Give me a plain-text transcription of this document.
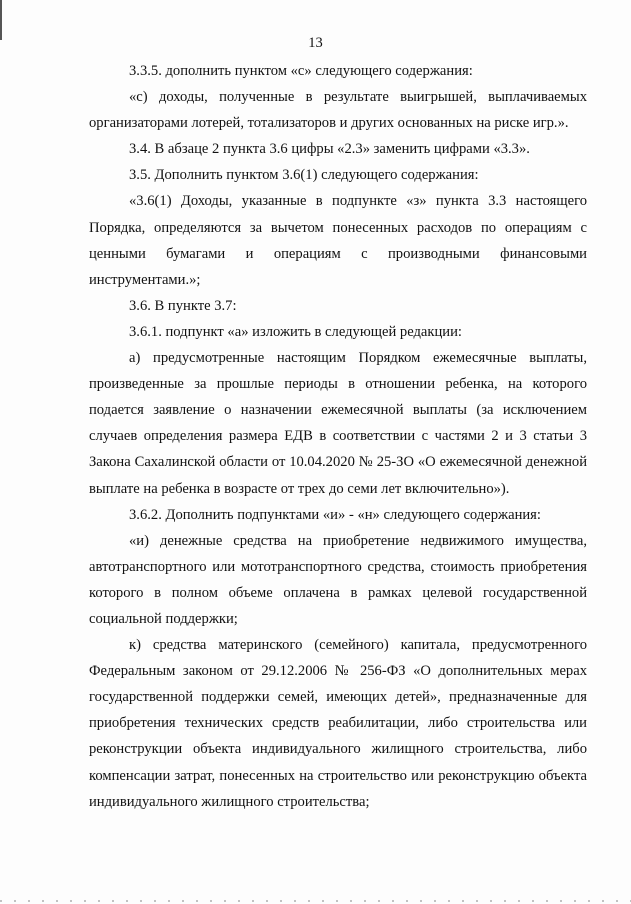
13

3.3.5. дополнить пунктом «с» следующего содержания:

«с) доходы, полученные в результате выигрышей, выплачиваемых организаторами лотерей, тотализаторов и других основанных на риске игр.».

3.4. В абзаце 2 пункта 3.6 цифры «2.3» заменить цифрами «3.3».

3.5. Дополнить пунктом 3.6(1) следующего содержания:

«3.6(1) Доходы, указанные в подпункте «з» пункта 3.3 настоящего Порядка, определяются за вычетом понесенных расходов по операциям с ценными бумагами и операциям с производными финансовыми инструментами.»;

3.6. В пункте 3.7:

3.6.1. подпункт «а» изложить в следующей редакции:

а) предусмотренные настоящим Порядком ежемесячные выплаты, произведенные за прошлые периоды в отношении ребенка, на которого подается заявление о назначении ежемесячной выплаты (за исключением случаев определения размера ЕДВ в соответствии с частями 2 и 3 статьи 3 Закона Сахалинской области от 10.04.2020 № 25-ЗО «О ежемесячной денежной выплате на ребенка в возрасте от трех до семи лет включительно»).

3.6.2. Дополнить подпунктами «и» - «н» следующего содержания:

«и) денежные средства на приобретение недвижимого имущества, автотранспортного или мототранспортного средства, стоимость приобретения которого в полном объеме оплачена в рамках целевой государственной социальной поддержки;

к) средства материнского (семейного) капитала, предусмотренного Федеральным законом от 29.12.2006 № 256-ФЗ «О дополнительных мерах государственной поддержки семей, имеющих детей», предназначенные для приобретения технических средств реабилитации, либо строительства или реконструкции объекта индивидуального жилищного строительства, либо компенсации затрат, понесенных на строительство или реконструкцию объекта индивидуального жилищного строительства;
